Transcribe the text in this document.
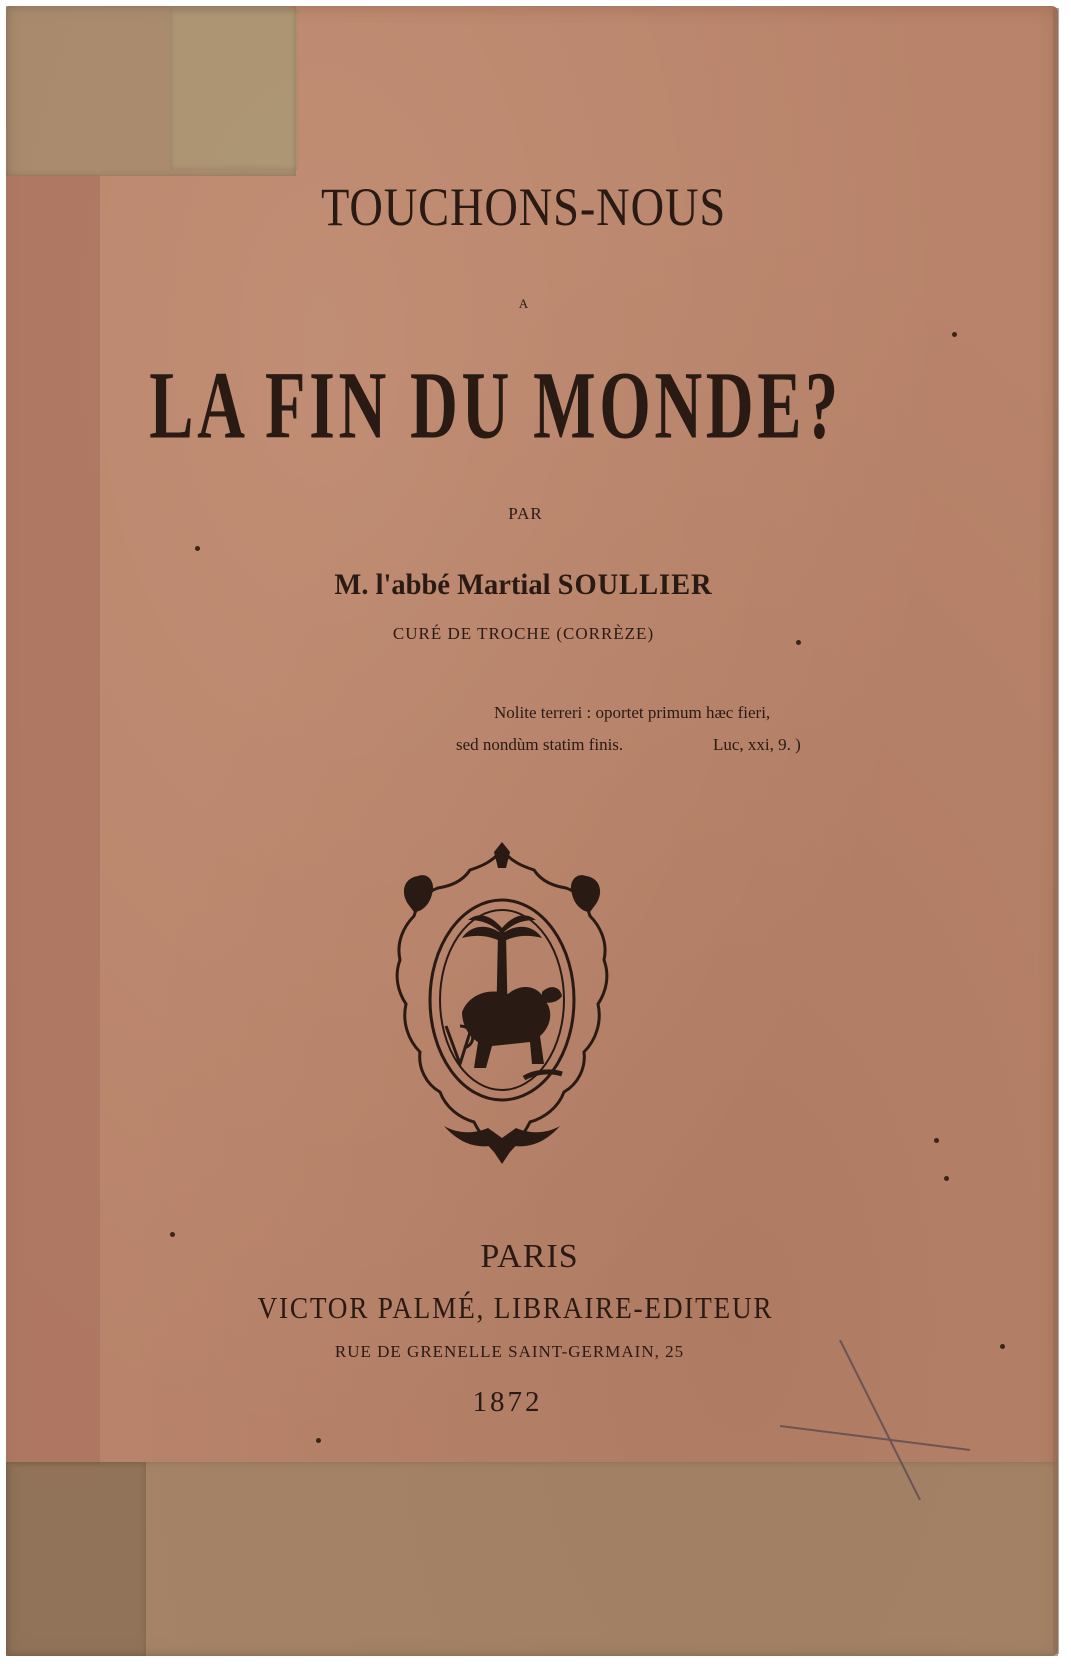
TOUCHONS-NOUS
A
LA FIN DU MONDE?
PAR
M. l'abbé Martial SOULLIER
CURÉ DE TROCHE (CORRÈZE)
Nolite terreri : oportet primum hæc fieri,
sed nondùm statim finis.	Luc, xxi, 9. )
PARIS
VICTOR PALMÉ, LIBRAIRE-EDITEUR
RUE DE GRENELLE SAINT-GERMAIN, 25
1872
